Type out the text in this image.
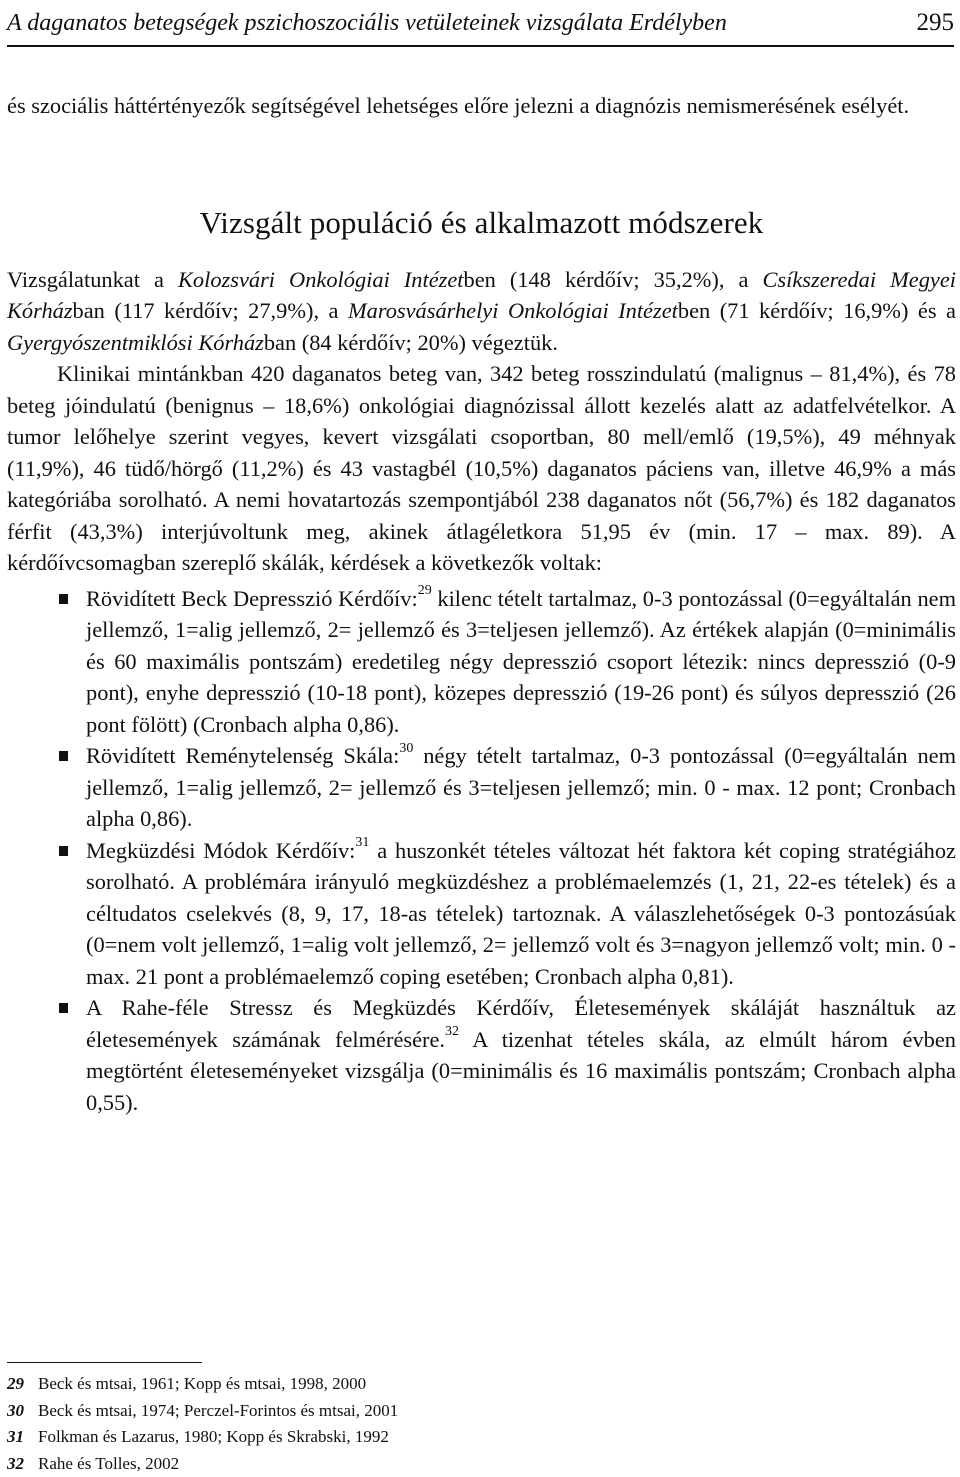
A daganatos betegségek pszichoszociális vetületeinek vizsgálata Erdélyben	295

és szociális háttértényezők segítségével lehetséges előre jelezni a diagnózis nemismerésének esélyét.

Vizsgált populáció és alkalmazott módszerek

Vizsgálatunkat a Kolozsvári Onkológiai Intézetben (148 kérdőív; 35,2%), a Csíkszeredai Megyei Kórházban (117 kérdőív; 27,9%), a Marosvásárhelyi Onkológiai Intézetben (71 kérdőív; 16,9%) és a Gyergyószentmiklósi Kórházban (84 kérdőív; 20%) végeztük.

Klinikai mintánkban 420 daganatos beteg van, 342 beteg rosszindulatú (malignus – 81,4%), és 78 beteg jóindulatú (benignus – 18,6%) onkológiai diagnózissal állott kezelés alatt az adatfelvételkor. A tumor lelőhelye szerint vegyes, kevert vizsgálati csoportban, 80 mell/emlő (19,5%), 49 méhnyak (11,9%), 46 tüdő/hörgő (11,2%) és 43 vastagbél (10,5%) daganatos páciens van, illetve 46,9% a más kategóriába sorolható. A nemi hovatartozás szempontjából 238 daganatos nőt (56,7%) és 182 daganatos férfit (43,3%) interjúvoltunk meg, akinek átlagéletkora 51,95 év (min. 17 – max. 89). A kérdőívcsomagban szereplő skálák, kérdések a következők voltak:

Rövidített Beck Depresszió Kérdőív:$^{29}$ kilenc tételt tartalmaz, 0-3 pontozással (0=egyáltalán nem jellemző, 1=alig jellemző, 2= jellemző és 3=teljesen jellemző). Az értékek alapján (0=minimális és 60 maximális pontszám) eredetileg négy depresszió csoport létezik: nincs depresszió (0-9 pont), enyhe depresszió (10-18 pont), közepes depresszió (19-26 pont) és súlyos depresszió (26 pont fölött) (Cronbach alpha 0,86).

Rövidített Reménytelenség Skála:$^{30}$ négy tételt tartalmaz, 0-3 pontozással (0=egyáltalán nem jellemző, 1=alig jellemző, 2= jellemző és 3=teljesen jellemző; min. 0 - max. 12 pont; Cronbach alpha 0,86).

Megküzdési Módok Kérdőív:$^{31}$ a huszonkét tételes változat hét faktora két coping stratégiához sorolható. A problémára irányuló megküzdéshez a problémaelemzés (1, 21, 22-es tételek) és a céltudatos cselekvés (8, 9, 17, 18-as tételek) tartoznak. A válaszlehetőségek 0-3 pontozásúak (0=nem volt jellemző, 1=alig volt jellemző, 2= jellemző volt és 3=nagyon jellemző volt; min. 0 - max. 21 pont a problémaelemző coping esetében; Cronbach alpha 0,81).

A Rahe-féle Stressz és Megküzdés Kérdőív, Életesemények skáláját használtuk az életesemények számának felmérésére.$^{32}$ A tizenhat tételes skála, az elmúlt három évben megtörtént életeseményeket vizsgálja (0=minimális és 16 maximális pontszám; Cronbach alpha 0,55).

29 Beck és mtsai, 1961; Kopp és mtsai, 1998, 2000
30 Beck és mtsai, 1974; Perczel-Forintos és mtsai, 2001
31 Folkman és Lazarus, 1980; Kopp és Skrabski, 1992
32 Rahe és Tolles, 2002
